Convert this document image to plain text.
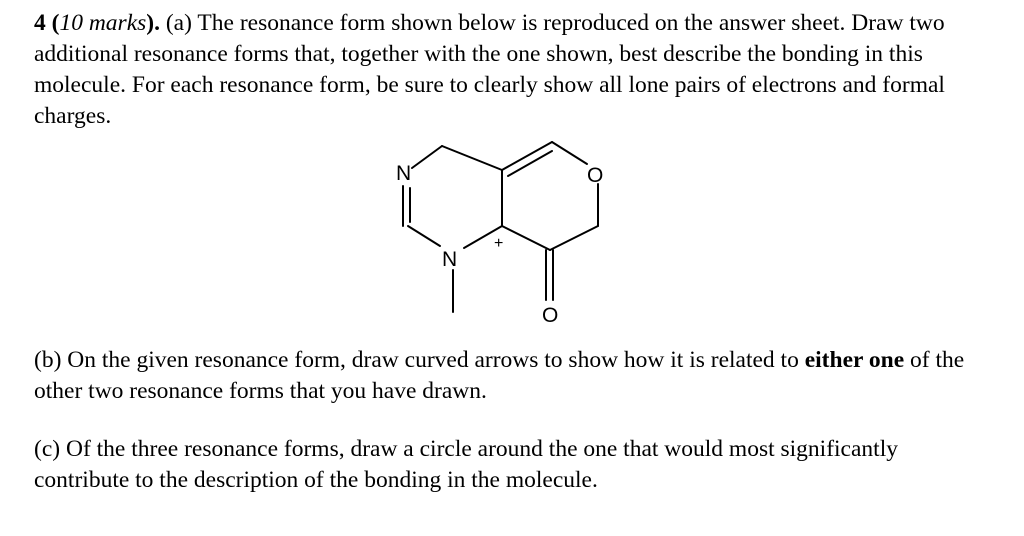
4 (10 marks). (a) The resonance form shown below is reproduced on the answer sheet. Draw two additional resonance forms that, together with the one shown, best describe the bonding in this molecule. For each resonance form, be sure to clearly show all lone pairs of electrons and formal charges.

N
N
O
O
+

(b) On the given resonance form, draw curved arrows to show how it is related to either one of the other two resonance forms that you have drawn.

(c) Of the three resonance forms, draw a circle around the one that would most significantly contribute to the description of the bonding in the molecule.
